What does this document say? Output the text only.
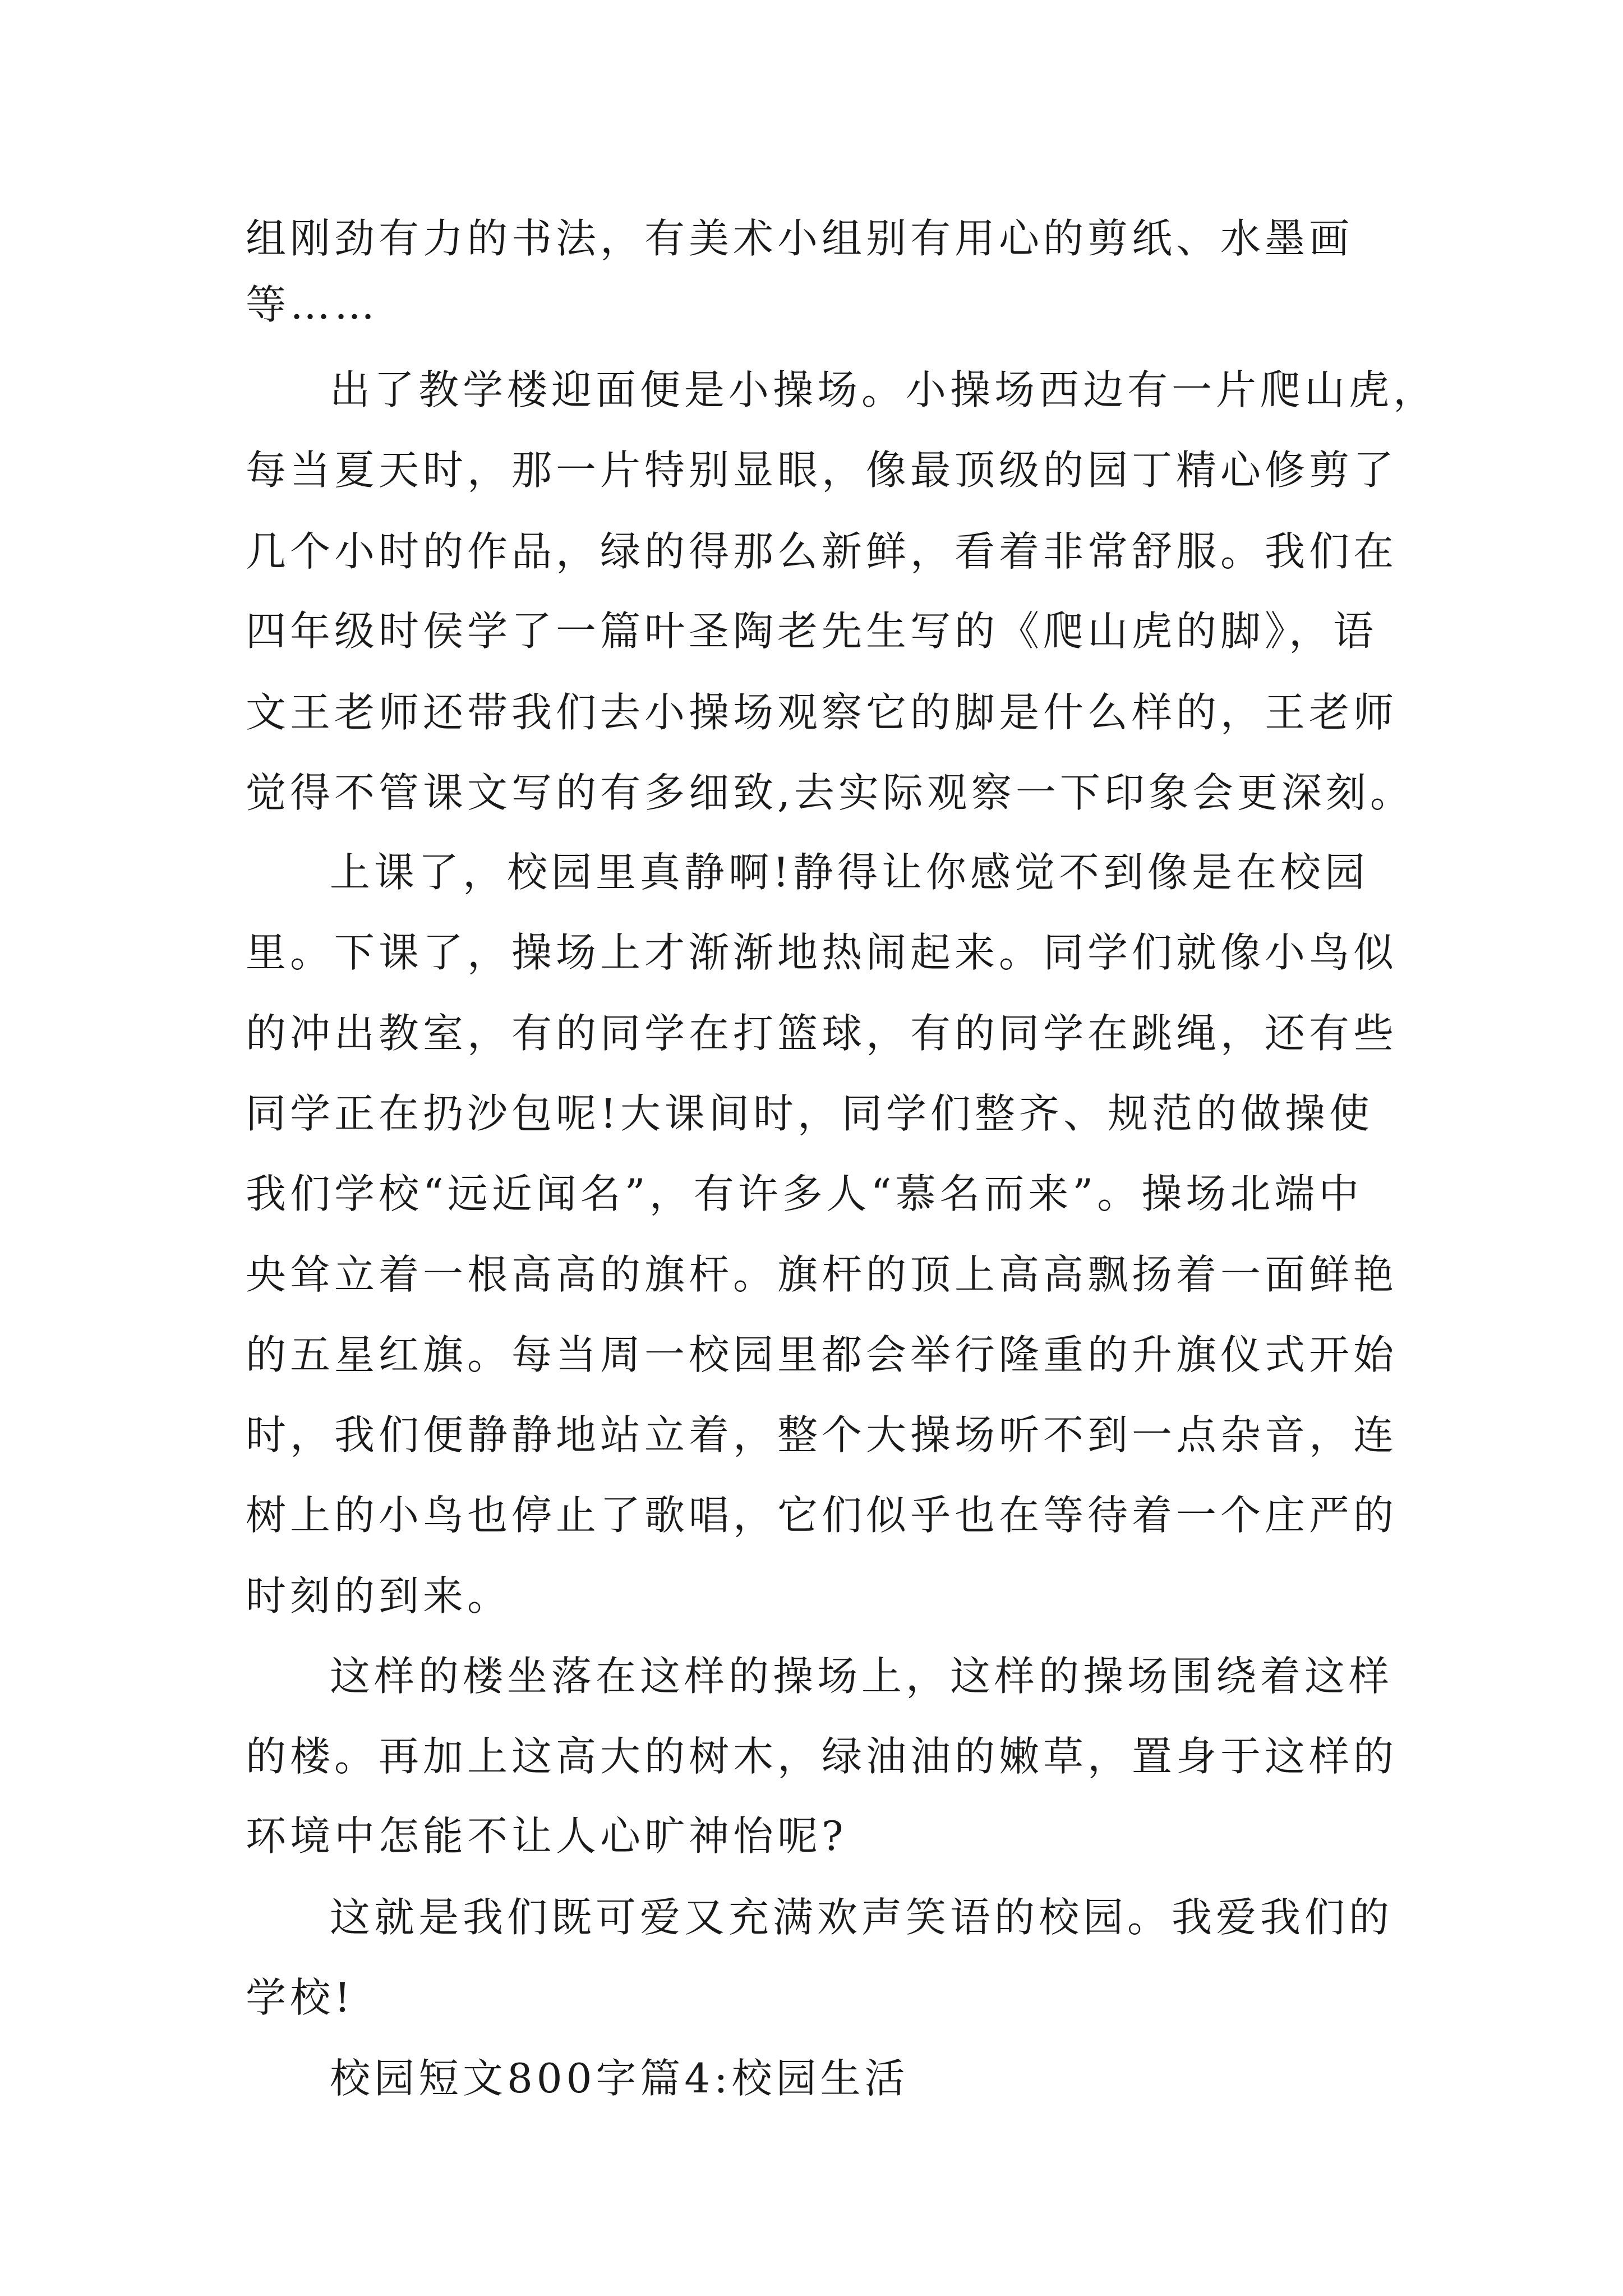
组刚劲有力的书法，有美术小组别有用心的剪纸、水墨画
等……
出了教学楼迎面便是小操场。小操场西边有一片爬山虎，
每当夏天时，那一片特别显眼，像最顶级的园丁精心修剪了
几个小时的作品，绿的得那么新鲜，看着非常舒服。我们在
四年级时侯学了一篇叶圣陶老先生写的《爬山虎的脚》，语
文王老师还带我们去小操场观察它的脚是什么样的，王老师
觉得不管课文写的有多细致,去实际观察一下印象会更深刻。
上课了，校园里真静啊!静得让你感觉不到像是在校园
里。下课了，操场上才渐渐地热闹起来。同学们就像小鸟似
的冲出教室，有的同学在打篮球，有的同学在跳绳，还有些
同学正在扔沙包呢!大课间时，同学们整齐、规范的做操使
我们学校“远近闻名”，有许多人“慕名而来”。操场北端中
央耸立着一根高高的旗杆。旗杆的顶上高高飘扬着一面鲜艳
的五星红旗。每当周一校园里都会举行隆重的升旗仪式开始
时，我们便静静地站立着，整个大操场听不到一点杂音，连
树上的小鸟也停止了歌唱，它们似乎也在等待着一个庄严的
时刻的到来。
这样的楼坐落在这样的操场上，这样的操场围绕着这样
的楼。再加上这高大的树木，绿油油的嫩草，置身于这样的
环境中怎能不让人心旷神怡呢?
这就是我们既可爱又充满欢声笑语的校园。我爱我们的
学校!
校园短文800字篇4:校园生活
